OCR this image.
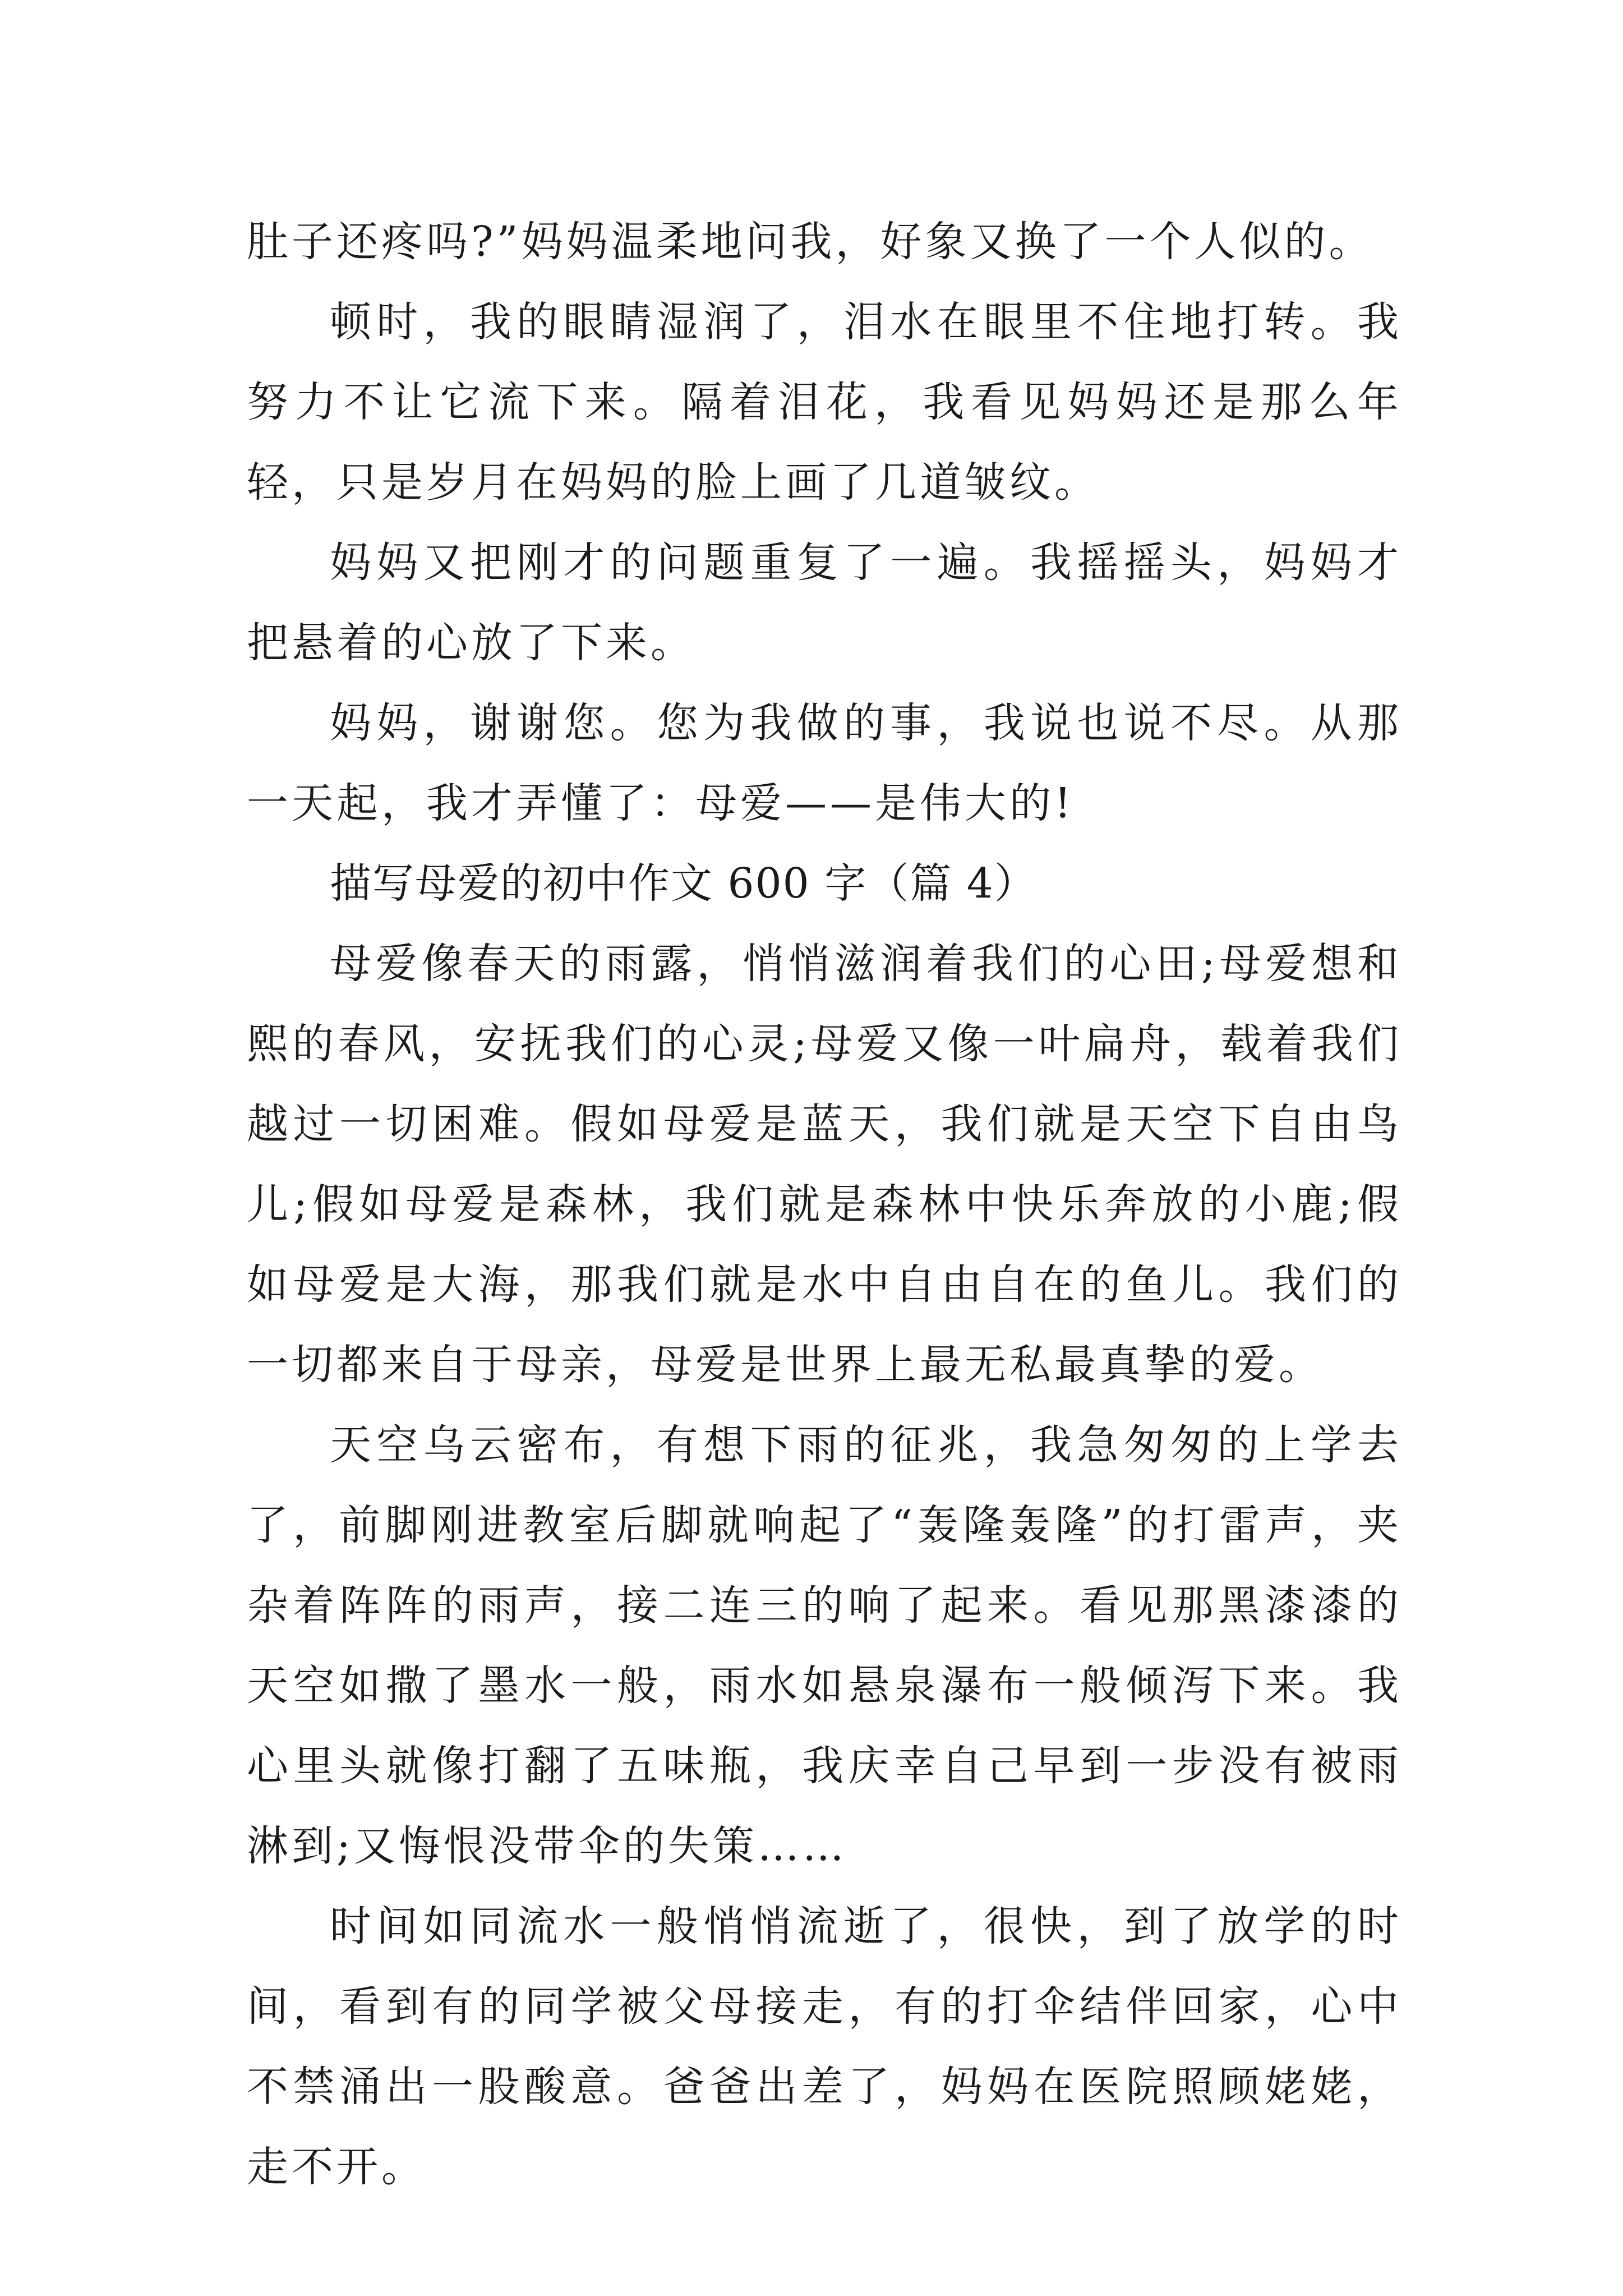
肚子还疼吗?”妈妈温柔地问我，好象又换了一个人似的。

顿时，我的眼睛湿润了，泪水在眼里不住地打转。我努力不让它流下来。隔着泪花，我看见妈妈还是那么年轻，只是岁月在妈妈的脸上画了几道皱纹。

妈妈又把刚才的问题重复了一遍。我摇摇头，妈妈才把悬着的心放了下来。

妈妈，谢谢您。您为我做的事，我说也说不尽。从那一天起，我才弄懂了：母爱——是伟大的!

描写母爱的初中作文 600 字（篇 4）

母爱像春天的雨露，悄悄滋润着我们的心田;母爱想和熙的春风，安抚我们的心灵;母爱又像一叶扁舟，载着我们越过一切困难。假如母爱是蓝天，我们就是天空下自由鸟儿;假如母爱是森林，我们就是森林中快乐奔放的小鹿;假如母爱是大海，那我们就是水中自由自在的鱼儿。我们的一切都来自于母亲，母爱是世界上最无私最真挚的爱。

天空乌云密布，有想下雨的征兆，我急匆匆的上学去了，前脚刚进教室后脚就响起了“轰隆轰隆”的打雷声，夹杂着阵阵的雨声，接二连三的响了起来。看见那黑漆漆的天空如撒了墨水一般，雨水如悬泉瀑布一般倾泻下来。我心里头就像打翻了五味瓶，我庆幸自己早到一步没有被雨淋到;又悔恨没带伞的失策……

时间如同流水一般悄悄流逝了，很快，到了放学的时间，看到有的同学被父母接走，有的打伞结伴回家，心中不禁涌出一股酸意。爸爸出差了，妈妈在医院照顾姥姥，走不开。
